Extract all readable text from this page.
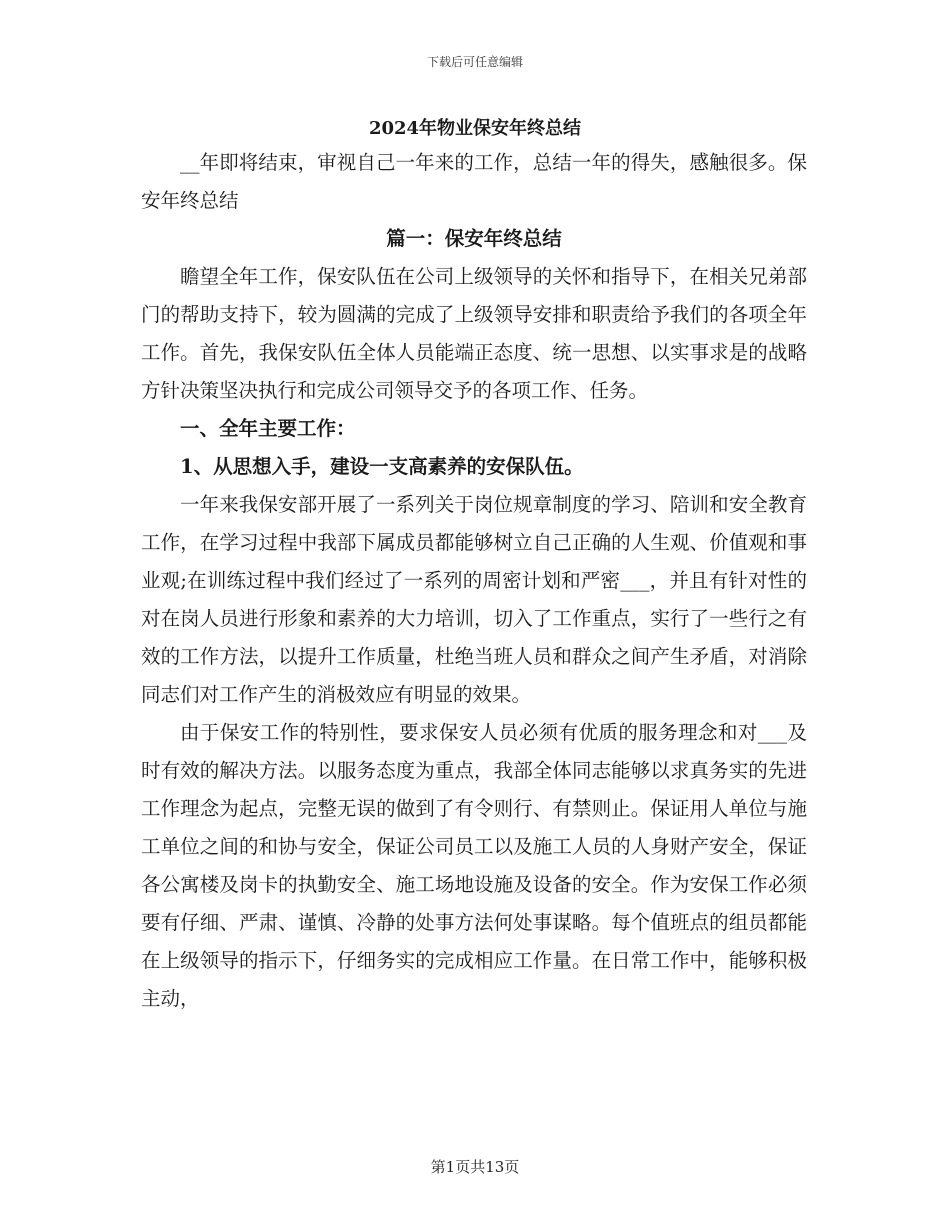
下载后可任意编辑
2024年物业保安年终总结

__年即将结束，审视自己一年来的工作，总结一年的得失，感触很多。保安年终总结

篇一：保安年终总结

瞻望全年工作，保安队伍在公司上级领导的关怀和指导下，在相关兄弟部门的帮助支持下，较为圆满的完成了上级领导安排和职责给予我们的各项全年工作。首先，我保安队伍全体人员能端正态度、统一思想、以实事求是的战略方针决策坚决执行和完成公司领导交予的各项工作、任务。

一、全年主要工作：

1、从思想入手，建设一支高素养的安保队伍。

一年来我保安部开展了一系列关于岗位规章制度的学习、陪训和安全教育工作，在学习过程中我部下属成员都能够树立自己正确的人生观、价值观和事业观;在训练过程中我们经过了一系列的周密计划和严密___，并且有针对性的对在岗人员进行形象和素养的大力培训，切入了工作重点，实行了一些行之有效的工作方法，以提升工作质量，杜绝当班人员和群众之间产生矛盾，对消除同志们对工作产生的消极效应有明显的效果。

由于保安工作的特别性，要求保安人员必须有优质的服务理念和对___及时有效的解决方法。以服务态度为重点，我部全体同志能够以求真务实的先进工作理念为起点，完整无误的做到了有令则行、有禁则止。保证用人单位与施工单位之间的和协与安全，保证公司员工以及施工人员的人身财产安全，保证各公寓楼及岗卡的执勤安全、施工场地设施及设备的安全。作为安保工作必须要有仔细、严肃、谨慎、冷静的处事方法何处事谋略。每个值班点的组员都能在上级领导的指示下，仔细务实的完成相应工作量。在日常工作中，能够积极主动，

第1页共13页
